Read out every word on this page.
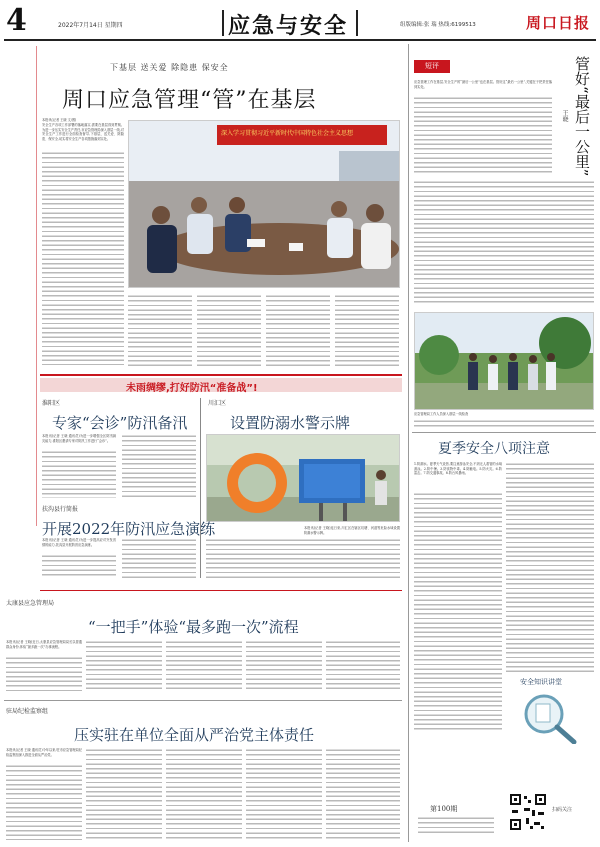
4	2022年7月14日 星期四	应急与安全	组版编辑:张 瑞 热线:6199513	周口日报
下基层 送关爱 除隐患 保安全
周口应急管理“管”在基层
本报讯(记者 王晓 文/图)
安全生产各项工作部署的落地落实,需要在基层得到贯彻。为进一步压实安全生产责任,市应急管理局深入基层一线,对安全生产工作进行全面检查督导,下基层、送关爱、除隐患、保安全,切实将安全生产各项措施落到实处。
深入学习贯彻习近平新时代中国特色社会主义思想
未雨绸缪,打好防汛“准备战”!
淮阳区
专家“会诊”防汛备汛
本报讯(记者 王晓 通讯员)为进一步增强全区防汛减灾能力,淮阳区邀请专家对防汛工作进行“会诊”。
川汇区
设置防溺水警示牌
本报讯(记者 王晓)连日来,川汇区在辖区坑塘、河道等危险水域设置防溺水警示牌。
扶沟县行简报
开展2022年防汛应急演练
本报讯(记者 王晓 通讯员)为进一步提高应对突发汛情的能力,扶沟县开展防汛应急演练。
太康县应急管理局
“一把手”体验“最多跑一次”流程
本报讯(记者 王晓)近日,太康县应急管理局局长以普通群众身份,体验“最多跑一次”办事流程。
驻局纪检监察组
压实驻在单位全面从严治党主体责任
本报讯(记者 王晓 通讯员)今年以来,驻市应急管理局纪检监察组深入推进全面从严治党。
短评	管好“最后一公里”
王晓
应急管理工作在基层,安全生产的“最后一公里”也在基层。管好这“最后一公里”,关键在于把责任落到实处。
应急管理局工作人员深入基层一线检查
夏季安全八项注意
1.防溺水。夏季天气炎热,要注意游泳安全,不到无人看管的水域游泳。2.防中暑。3.防食物中毒。4.防触电。5.防火灾。6.防雷击。7.防交通事故。8.防台风暴雨。
安全知识讲堂
第100期	扫码关注
